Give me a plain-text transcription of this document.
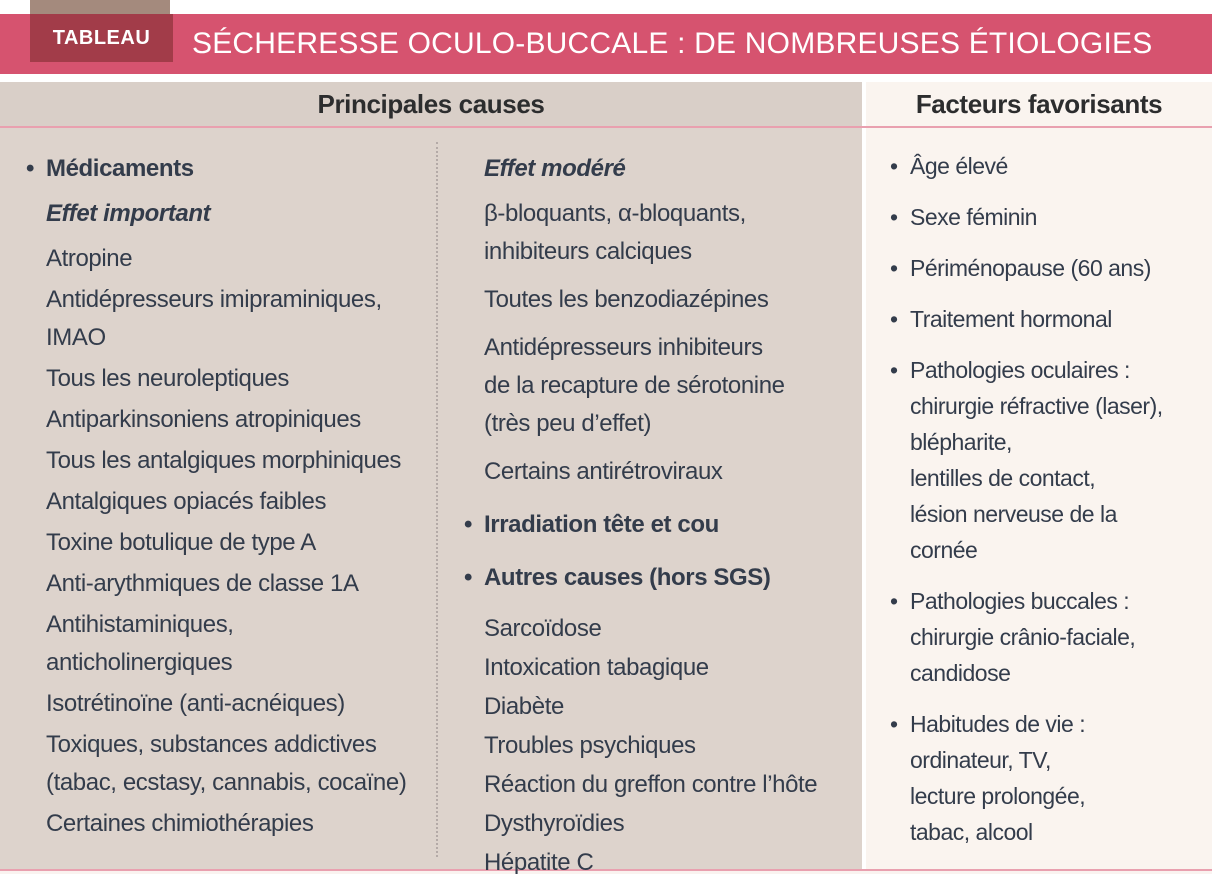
TABLEAU SÉCHERESSE OCULO-BUCCALE : DE NOMBREUSES ÉTIOLOGIES
Principales causes	Facteurs favorisants
• Médicaments
Effet important
Atropine
Antidépresseurs imipraminiques,
IMAO
Tous les neuroleptiques
Antiparkinsoniens atropiniques
Tous les antalgiques morphiniques
Antalgiques opiacés faibles
Toxine botulique de type A
Anti-arythmiques de classe 1A
Antihistaminiques,
anticholinergiques
Isotrétinoïne (anti-acnéiques)
Toxiques, substances addictives
(tabac, ecstasy, cannabis, cocaïne)
Certaines chimiothérapies
Effet modéré
β-bloquants, α-bloquants,
inhibiteurs calciques
Toutes les benzodiazépines
Antidépresseurs inhibiteurs
de la recapture de sérotonine
(très peu d’effet)
Certains antirétroviraux
• Irradiation tête et cou
• Autres causes (hors SGS)
Sarcoïdose
Intoxication tabagique
Diabète
Troubles psychiques
Réaction du greffon contre l’hôte
Dysthyroïdies
Hépatite C
• Âge élevé
• Sexe féminin
• Périménopause (60 ans)
• Traitement hormonal
• Pathologies oculaires :
chirurgie réfractive (laser),
blépharite,
lentilles de contact,
lésion nerveuse de la
cornée
• Pathologies buccales :
chirurgie crânio-faciale,
candidose
• Habitudes de vie :
ordinateur, TV,
lecture prolongée,
tabac, alcool
